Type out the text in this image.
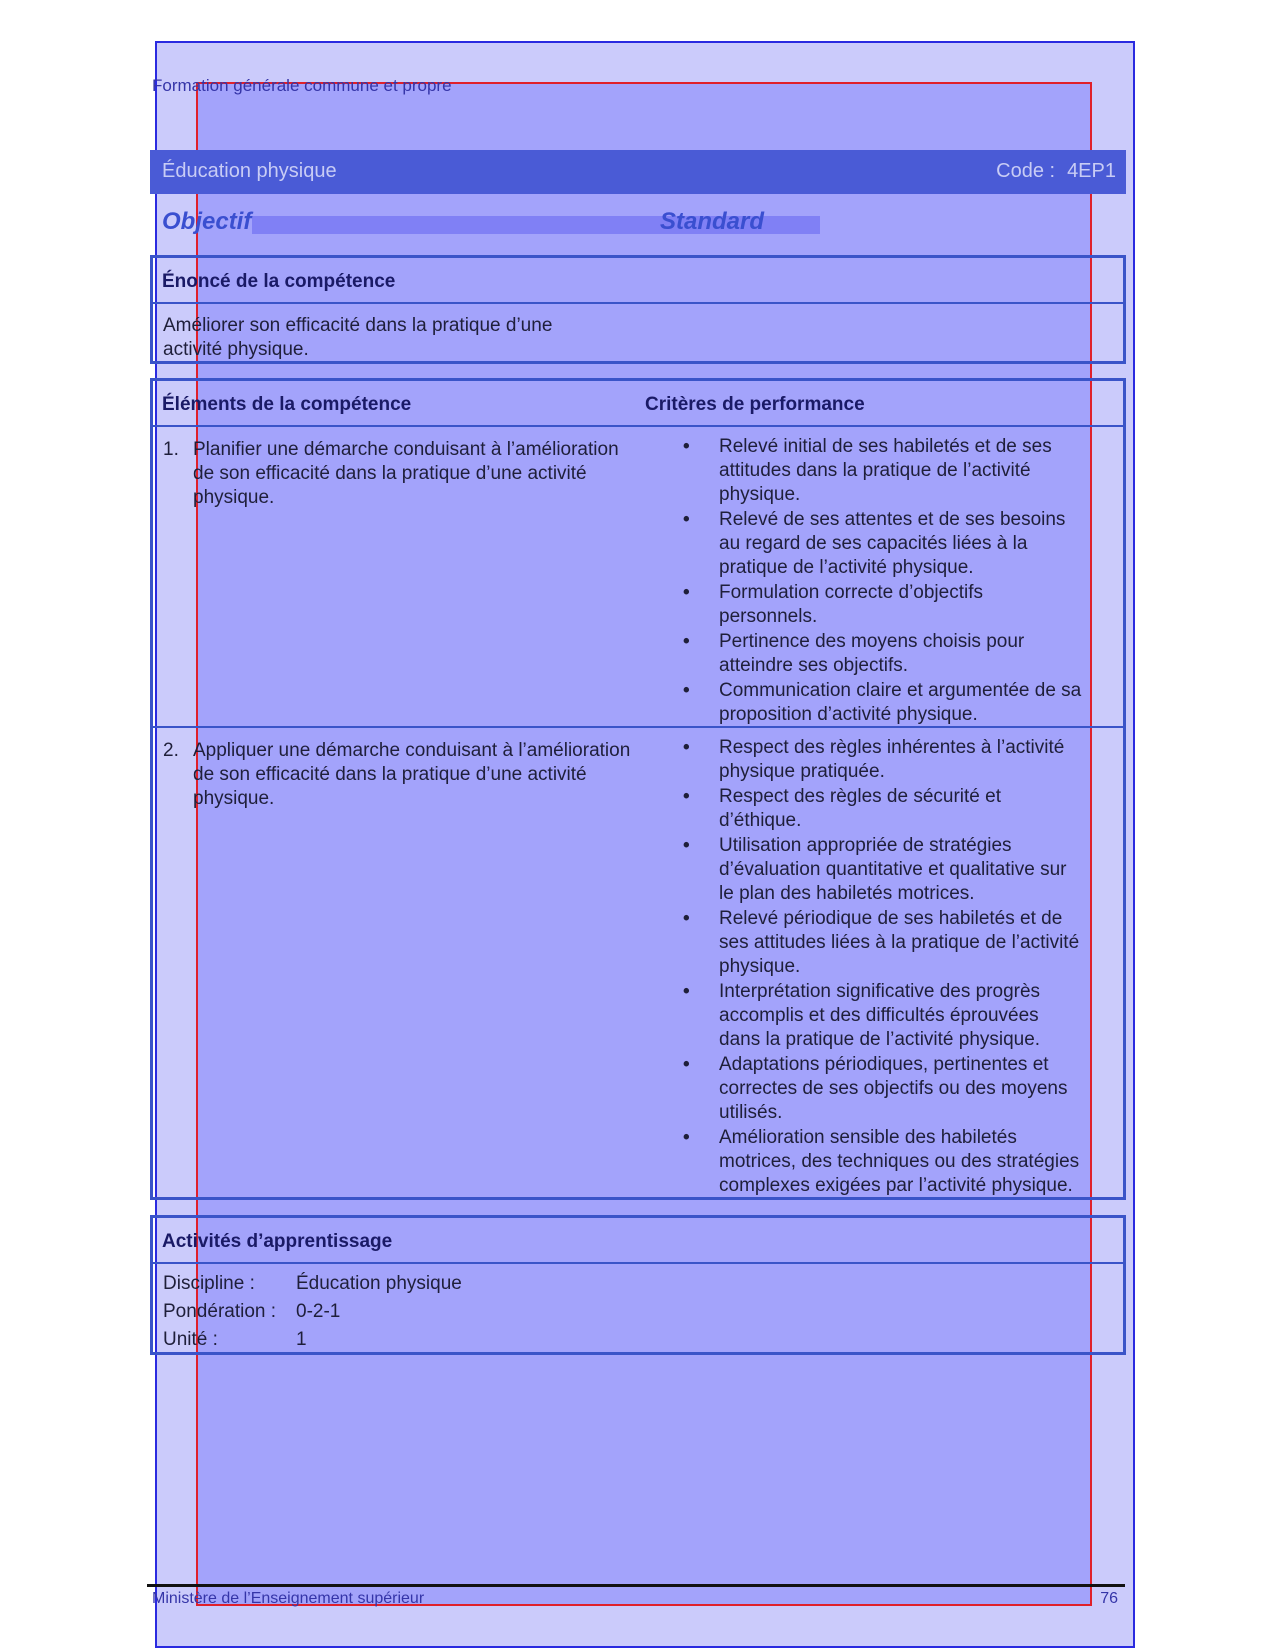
Formation générale commune et propre
Éducation physique	Code : 4EP1
Objectif	Standard
Énoncé de la compétence
Améliorer son efficacité dans la pratique d’une activité physique.
Éléments de la compétence	Critères de performance
1. Planifier une démarche conduisant à l’amélioration de son efficacité dans la pratique d’une activité physique.
• Relevé initial de ses habiletés et de ses attitudes dans la pratique de l’activité physique.
• Relevé de ses attentes et de ses besoins au regard de ses capacités liées à la pratique de l’activité physique.
• Formulation correcte d’objectifs personnels.
• Pertinence des moyens choisis pour atteindre ses objectifs.
• Communication claire et argumentée de sa proposition d’activité physique.
2. Appliquer une démarche conduisant à l’amélioration de son efficacité dans la pratique d’une activité physique.
• Respect des règles inhérentes à l’activité physique pratiquée.
• Respect des règles de sécurité et d’éthique.
• Utilisation appropriée de stratégies d’évaluation quantitative et qualitative sur le plan des habiletés motrices.
• Relevé périodique de ses habiletés et de ses attitudes liées à la pratique de l’activité physique.
• Interprétation significative des progrès accomplis et des difficultés éprouvées dans la pratique de l’activité physique.
• Adaptations périodiques, pertinentes et correctes de ses objectifs ou des moyens utilisés.
• Amélioration sensible des habiletés motrices, des techniques ou des stratégies complexes exigées par l’activité physique.
Activités d’apprentissage
Discipline : Éducation physique
Pondération : 0-2-1
Unité :	1
Ministère de l’Enseignement supérieur	76
